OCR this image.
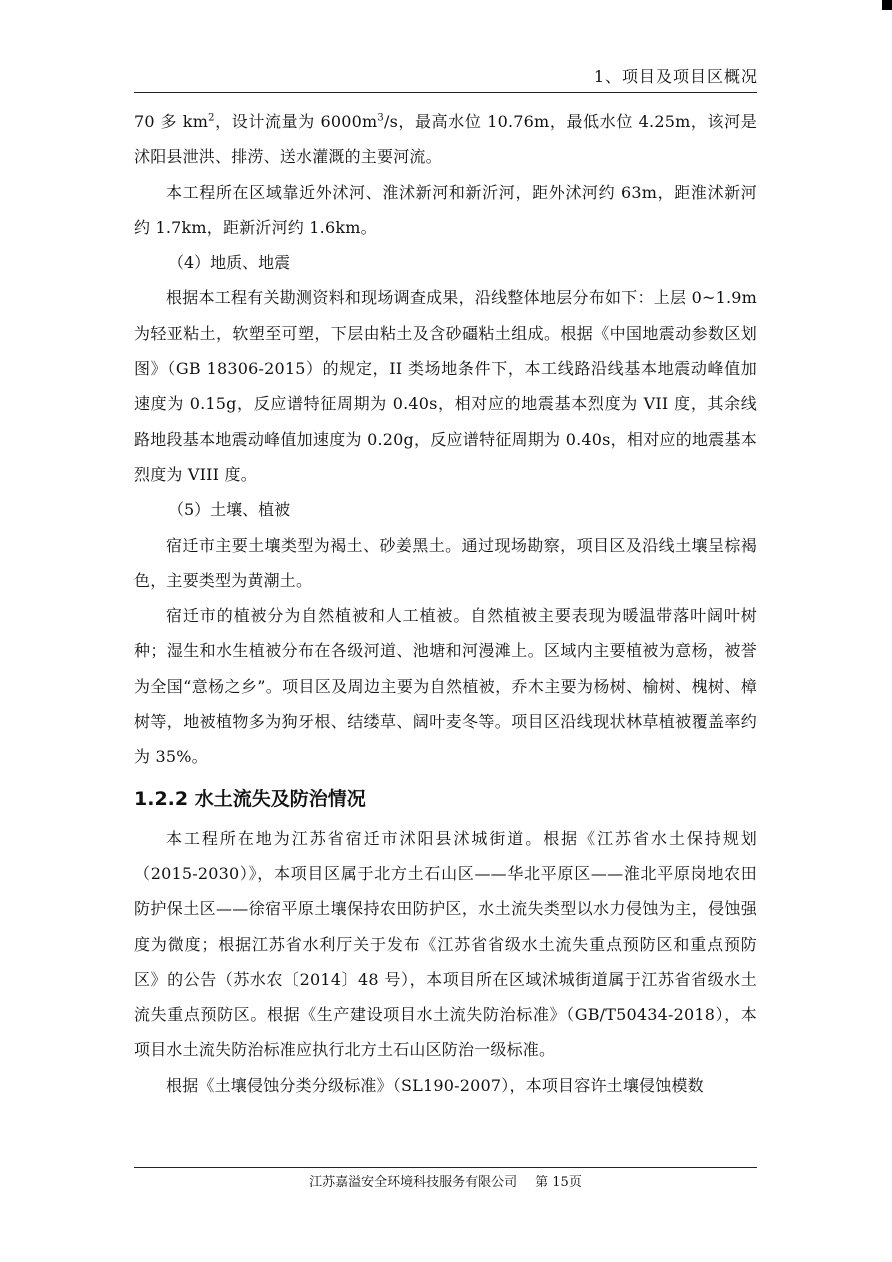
1、项目及项目区概况

70 多 $km^2$，设计流量为 $6000m^3/s$，最高水位 10.76m，最低水位 4.25m，该河是沭阳县泄洪、排涝、送水灌溉的主要河流。

本工程所在区域靠近外沭河、淮沭新河和新沂河，距外沭河约 63m，距淮沭新河约 1.7km，距新沂河约 1.6km。

（4）地质、地震

根据本工程有关勘测资料和现场调查成果，沿线整体地层分布如下：上层 0~1.9m 为轻亚粘土，软塑至可塑，下层由粘土及含砂礓粘土组成。根据《中国地震动参数区划图》（GB 18306-2015）的规定，II 类场地条件下，本工线路沿线基本地震动峰值加速度为 0.15g，反应谱特征周期为 0.40s，相对应的地震基本烈度为 VII 度，其余线路地段基本地震动峰值加速度为 0.20g，反应谱特征周期为 0.40s，相对应的地震基本烈度为 VIII 度。

（5）土壤、植被

宿迁市主要土壤类型为褐土、砂姜黑土。通过现场勘察，项目区及沿线土壤呈棕褐色，主要类型为黄潮土。

宿迁市的植被分为自然植被和人工植被。自然植被主要表现为暖温带落叶阔叶树种；湿生和水生植被分布在各级河道、池塘和河漫滩上。区域内主要植被为意杨，被誉为全国“意杨之乡”。项目区及周边主要为自然植被，乔木主要为杨树、榆树、槐树、樟树等，地被植物多为狗牙根、结缕草、阔叶麦冬等。项目区沿线现状林草植被覆盖率约为 35%。

1.2.2 水土流失及防治情况

本工程所在地为江苏省宿迁市沭阳县沭城街道。根据《江苏省水土保持规划（2015-2030）》，本项目区属于北方土石山区——华北平原区——淮北平原岗地农田防护保土区——徐宿平原土壤保持农田防护区，水土流失类型以水力侵蚀为主，侵蚀强度为微度；根据江苏省水利厅关于发布《江苏省省级水土流失重点预防区和重点预防区》的公告（苏水农〔2014〕48 号），本项目所在区域沭城街道属于江苏省省级水土流失重点预防区。根据《生产建设项目水土流失防治标准》（GB/T50434-2018），本项目水土流失防治标准应执行北方土石山区防治一级标准。

根据《土壤侵蚀分类分级标准》（SL190-2007），本项目容许土壤侵蚀模数

江苏嘉溢安全环境科技服务有限公司 第 15页
